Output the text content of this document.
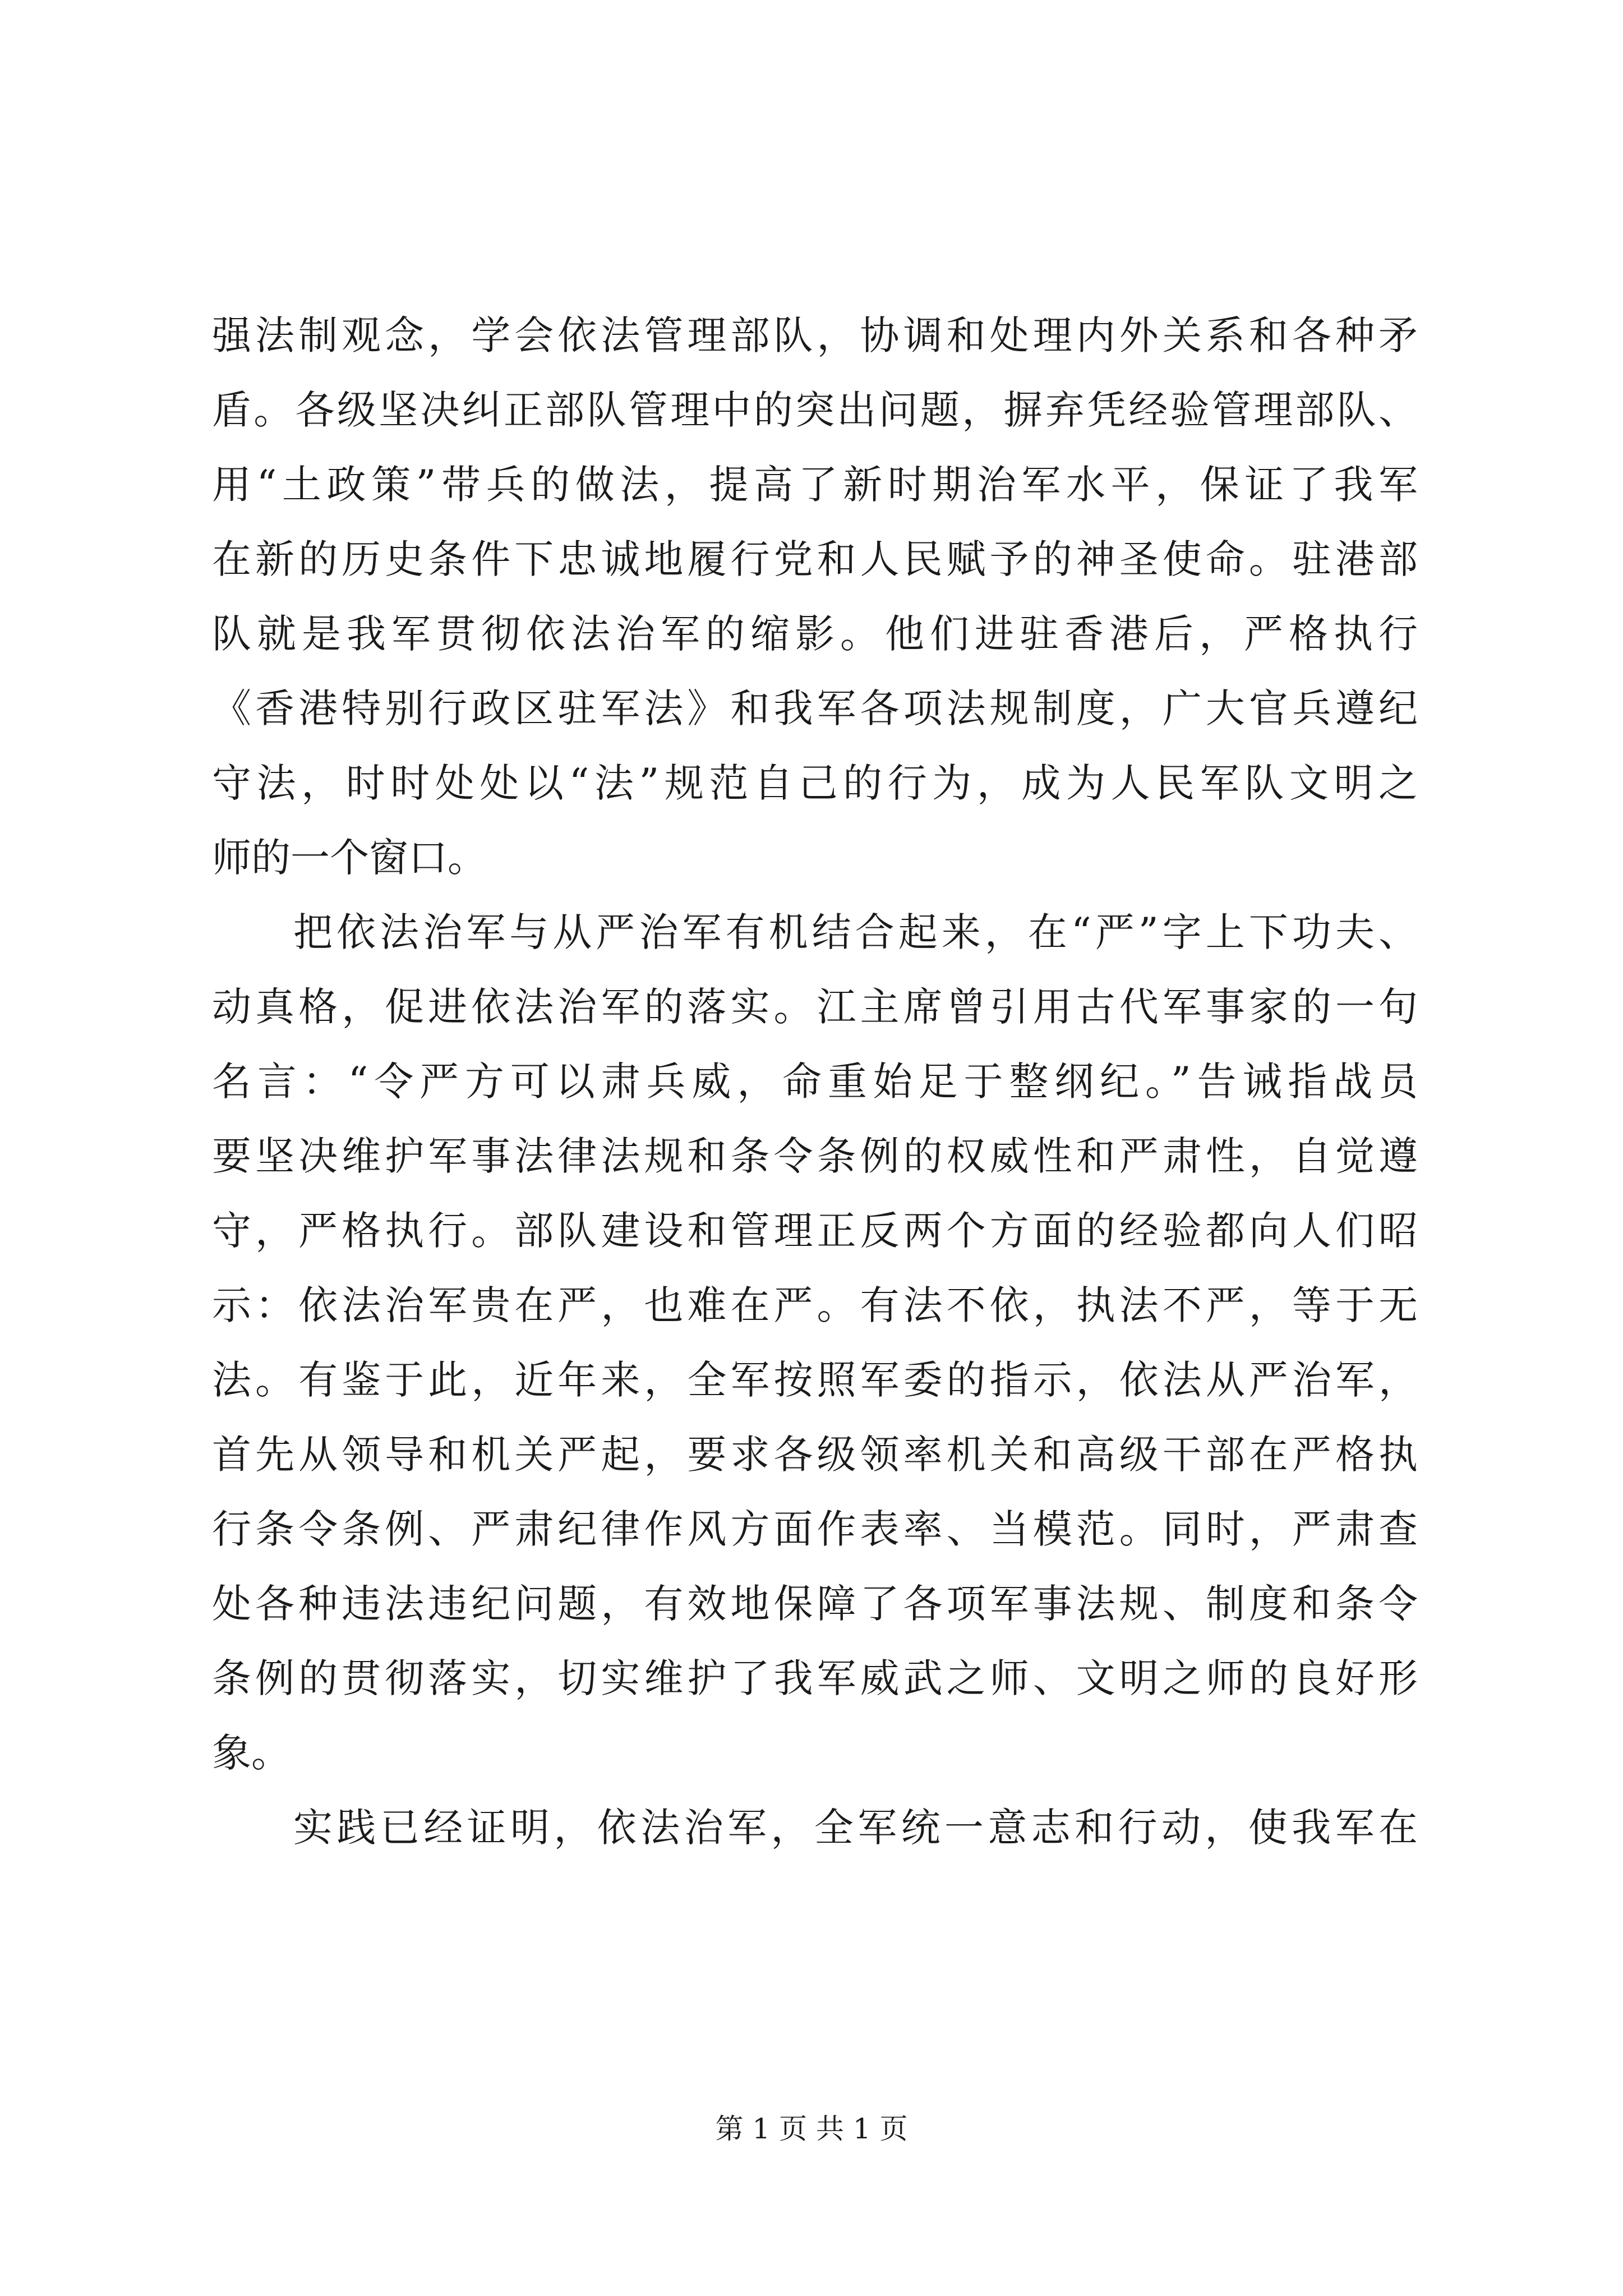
强法制观念，学会依法管理部队，协调和处理内外关系和各种矛
盾。各级坚决纠正部队管理中的突出问题，摒弃凭经验管理部队、
用“土政策”带兵的做法，提高了新时期治军水平，保证了我军
在新的历史条件下忠诚地履行党和人民赋予的神圣使命。驻港部
队就是我军贯彻依法治军的缩影。他们进驻香港后，严格执行
《香港特别行政区驻军法》和我军各项法规制度，广大官兵遵纪
守法，时时处处以“法”规范自己的行为，成为人民军队文明之
师的一个窗口。
把依法治军与从严治军有机结合起来，在“严”字上下功夫、
动真格，促进依法治军的落实。江主席曾引用古代军事家的一句
名言：“令严方可以肃兵威，命重始足于整纲纪。”告诫指战员
要坚决维护军事法律法规和条令条例的权威性和严肃性，自觉遵
守，严格执行。部队建设和管理正反两个方面的经验都向人们昭
示：依法治军贵在严，也难在严。有法不依，执法不严，等于无
法。有鉴于此，近年来，全军按照军委的指示，依法从严治军，
首先从领导和机关严起，要求各级领率机关和高级干部在严格执
行条令条例、严肃纪律作风方面作表率、当模范。同时，严肃查
处各种违法违纪问题，有效地保障了各项军事法规、制度和条令
条例的贯彻落实，切实维护了我军威武之师、文明之师的良好形
象。
实践已经证明，依法治军，全军统一意志和行动，使我军在
第 1 页 共 1 页
